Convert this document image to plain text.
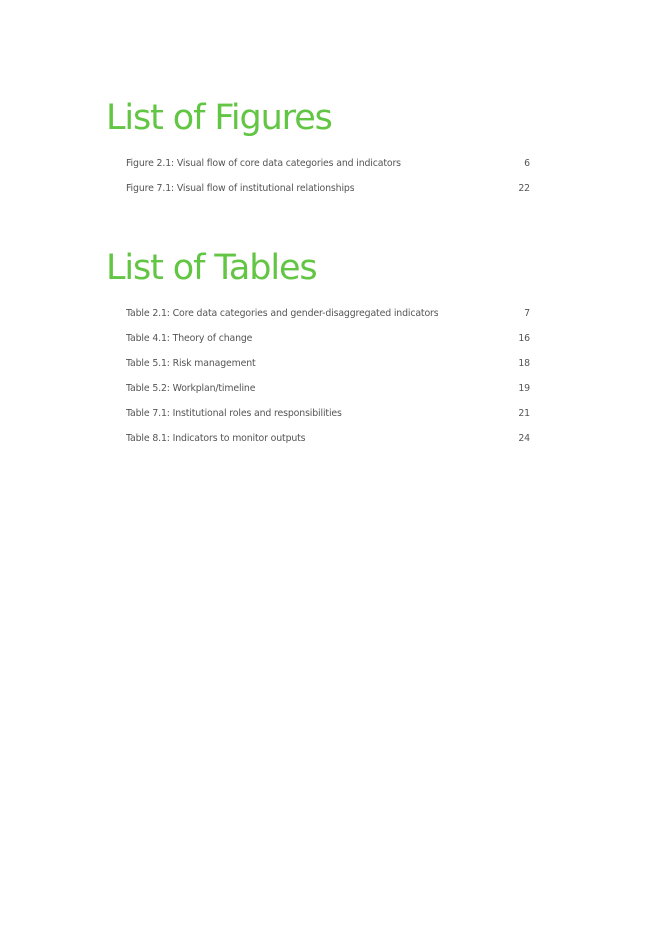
List of Figures
Figure 2.1: Visual flow of core data categories and indicators	6
Figure 7.1: Visual flow of institutional relationships	22
List of Tables
Table 2.1: Core data categories and gender-disaggregated indicators	7
Table 4.1: Theory of change	16
Table 5.1: Risk management	18
Table 5.2: Workplan/timeline	19
Table 7.1: Institutional roles and responsibilities	21
Table 8.1: Indicators to monitor outputs	24
